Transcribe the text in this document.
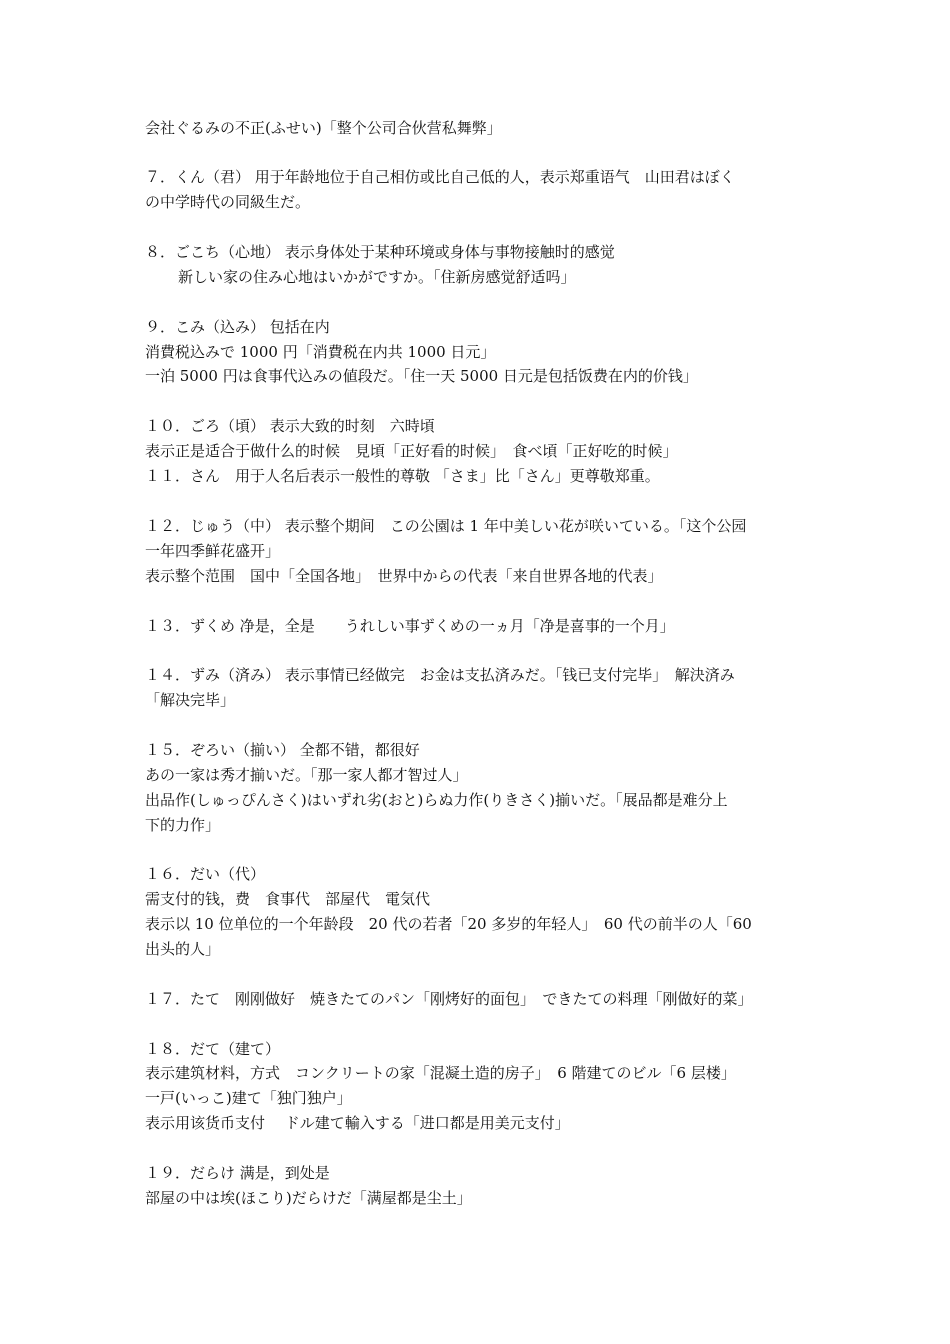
会社ぐるみの不正(ふせい)「整个公司合伙营私舞弊」
７．くん（君） 用于年龄地位于自己相仿或比自己低的人，表示郑重语气　山田君はぼく
の中学時代の同級生だ。
８．ごこち（心地） 表示身体处于某种环境或身体与事物接触时的感觉
新しい家の住み心地はいかがですか。「住新房感觉舒适吗」
９．こみ（込み） 包括在内
消費税込みで 1000 円「消費税在内共 1000 日元」
一泊 5000 円は食事代込みの値段だ。「住一天 5000 日元是包括饭费在内的价钱」
１０．ごろ（頃） 表示大致的时刻　六時頃
表示正是适合于做什么的时候　見頃「正好看的时候」　食べ頃「正好吃的时候」
１１．さん　用于人名后表示一般性的尊敬 「さま」比「さん」更尊敬郑重。
１２．じゅう（中） 表示整个期间　この公園は 1 年中美しい花が咲いている。「这个公园
一年四季鲜花盛开」
表示整个范围　国中「全国各地」　世界中からの代表「来自世界各地的代表」
１３．ずくめ 净是，全是　　うれしい事ずくめの一ヵ月「净是喜事的一个月」
１４．ずみ（済み） 表示事情已经做完　お金は支払済みだ。「钱已支付完毕」　解決済み
「解决完毕」
１５．ぞろい（揃い） 全都不错，都很好
あの一家は秀才揃いだ。「那一家人都才智过人」
出品作(しゅっぴんさく)はいずれ劣(おと)らぬ力作(りきさく)揃いだ。「展品都是难分上
下的力作」
１６．だい（代）
需支付的钱，费　食事代　部屋代　電気代
表示以 10 位单位的一个年龄段　20 代の若者「20 多岁的年轻人」　60 代の前半の人「60
出头的人」
１７．たて　刚刚做好　焼きたてのパン「刚烤好的面包」　できたての料理「刚做好的菜」
１８．だて（建て）
表示建筑材料，方式　コンクリートの家「混凝土造的房子」　6 階建てのビル「6 层楼」
一戸(いっこ)建て「独门独户」
表示用该货币支付　 ドル建て輸入する「进口都是用美元支付」
１９．だらけ 满是，到处是
部屋の中は埃(ほこり)だらけだ「满屋都是尘土」
